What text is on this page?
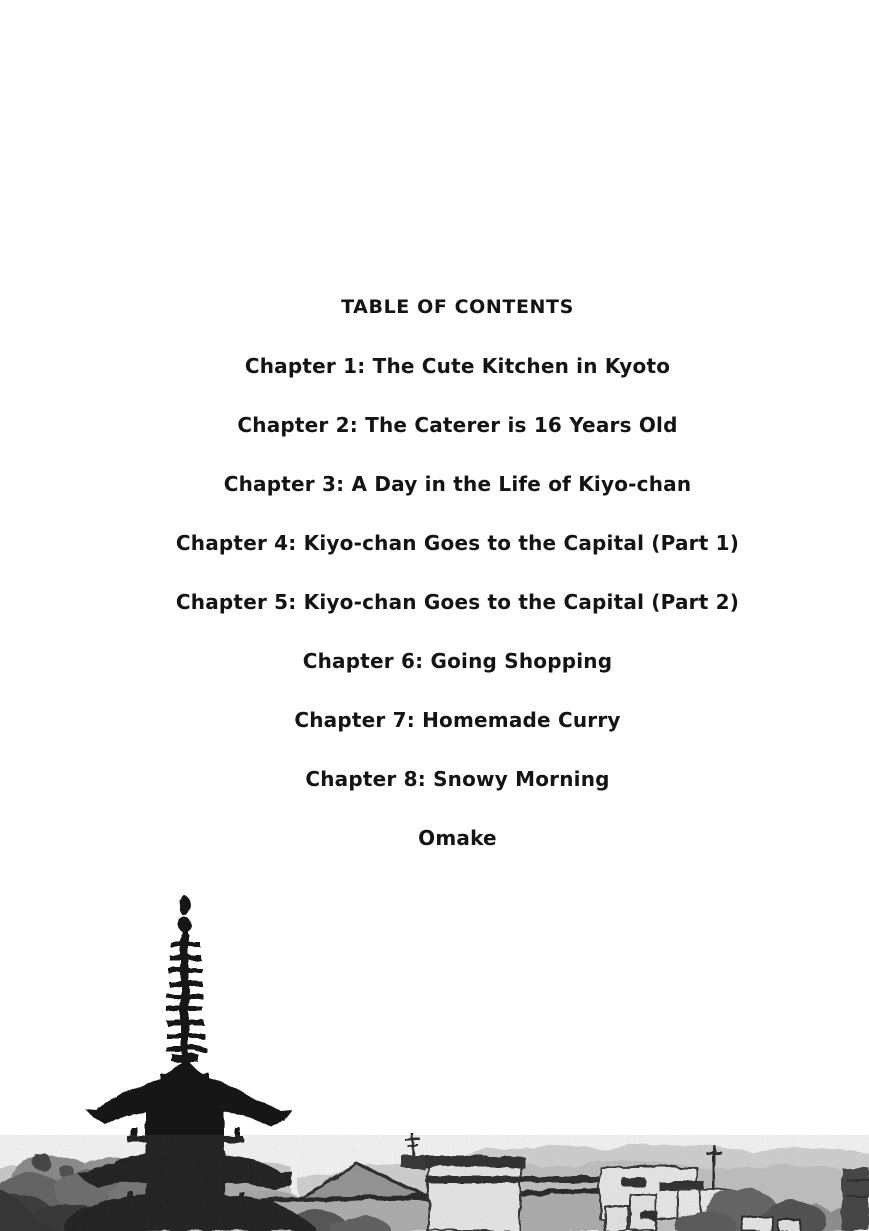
TABLE OF CONTENTS
Chapter 1: The Cute Kitchen in Kyoto
Chapter 2: The Caterer is 16 Years Old
Chapter 3: A Day in the Life of Kiyo-chan
Chapter 4: Kiyo-chan Goes to the Capital (Part 1)
Chapter 5: Kiyo-chan Goes to the Capital (Part 2)
Chapter 6: Going Shopping
Chapter 7: Homemade Curry
Chapter 8: Snowy Morning
Omake
